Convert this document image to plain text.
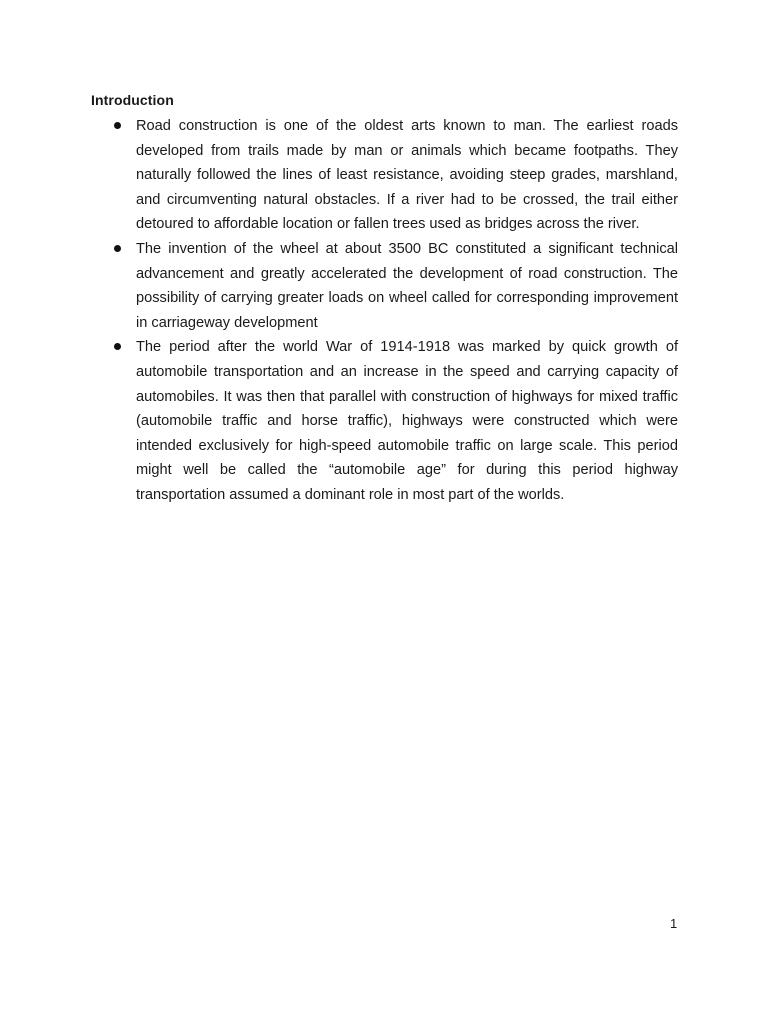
Introduction
Road construction is one of the oldest arts known to man. The earliest roads developed from trails made by man or animals which became footpaths. They naturally followed the lines of least resistance, avoiding steep grades, marshland, and circumventing natural obstacles. If a river had to be crossed, the trail either detoured to affordable location or fallen trees used as bridges across the river.
The invention of the wheel at about 3500 BC constituted a significant technical advancement and greatly accelerated the development of road construction. The possibility of carrying greater loads on wheel called for corresponding improvement in carriageway development
The period after the world War of 1914-1918 was marked by quick growth of automobile transportation and an increase in the speed and carrying capacity of automobiles. It was then that parallel with construction of highways for mixed traffic (automobile traffic and horse traffic), highways were constructed which were intended exclusively for high-speed automobile traffic on large scale. This period might well be called the “automobile age” for during this period highway transportation assumed a dominant role in most part of the worlds.
1
